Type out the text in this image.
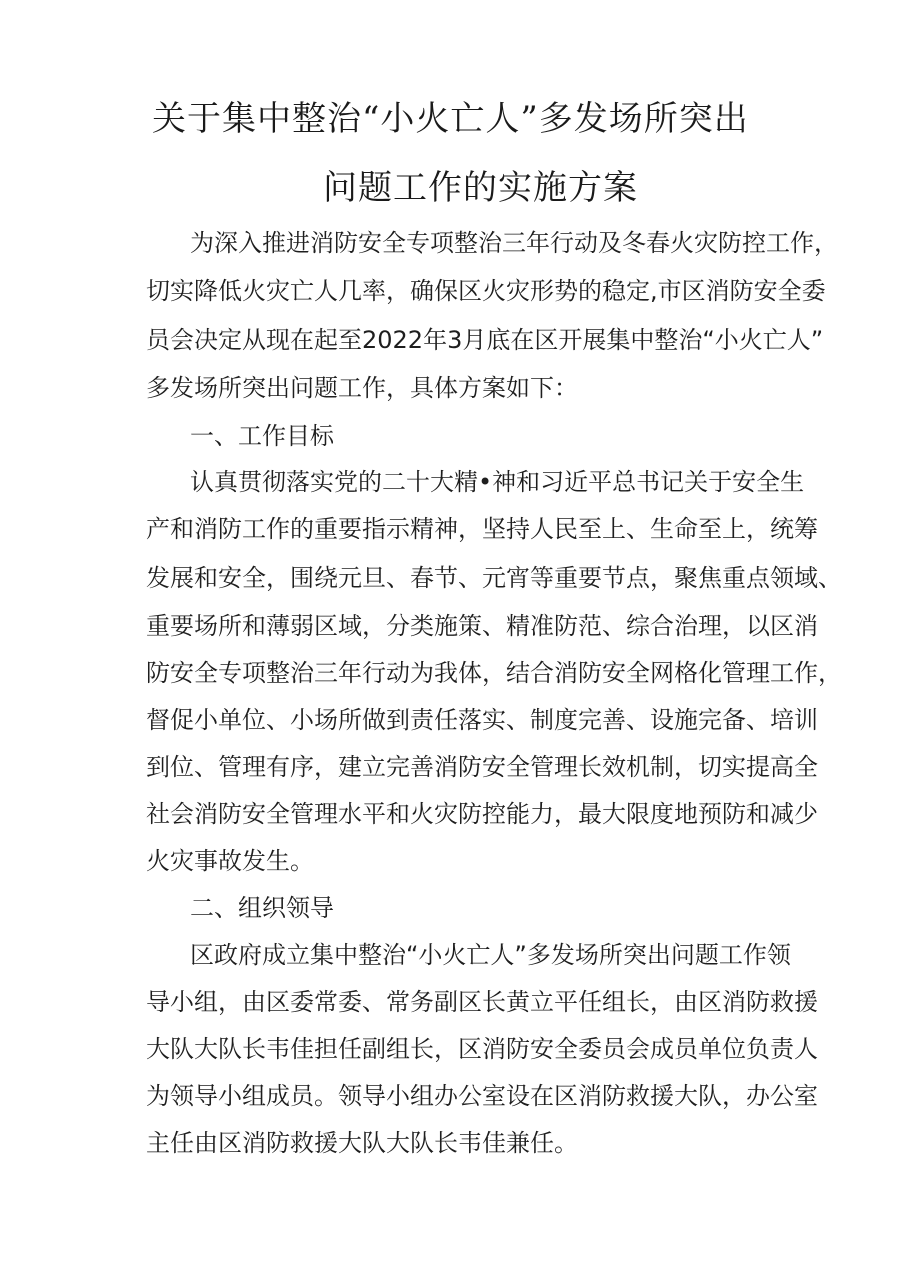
关于集中整治“小火亡人”多发场所突出
问题工作的实施方案
为深入推进消防安全专项整治三年行动及冬春火灾防控工作，
切实降低火灾亡人几率，确保区火灾形势的稳定,市区消防安全委
员会决定从现在起至2022年3月底在区开展集中整治“小火亡人”
多发场所突出问题工作，具体方案如下：
一、工作目标
认真贯彻落实党的二十大精•神和习近平总书记关于安全生
产和消防工作的重要指示精神，坚持人民至上、生命至上，统筹
发展和安全，围绕元旦、春节、元宵等重要节点，聚焦重点领域、
重要场所和薄弱区域，分类施策、精准防范、综合治理，以区消
防安全专项整治三年行动为我体，结合消防安全网格化管理工作，
督促小单位、小场所做到责任落实、制度完善、设施完备、培训
到位、管理有序，建立完善消防安全管理长效机制，切实提高全
社会消防安全管理水平和火灾防控能力，最大限度地预防和减少
火灾事故发生。
二、组织领导
区政府成立集中整治“小火亡人”多发场所突出问题工作领
导小组，由区委常委、常务副区长黄立平任组长，由区消防救援
大队大队长韦佳担任副组长，区消防安全委员会成员单位负责人
为领导小组成员。领导小组办公室设在区消防救援大队，办公室
主任由区消防救援大队大队长韦佳兼任。
